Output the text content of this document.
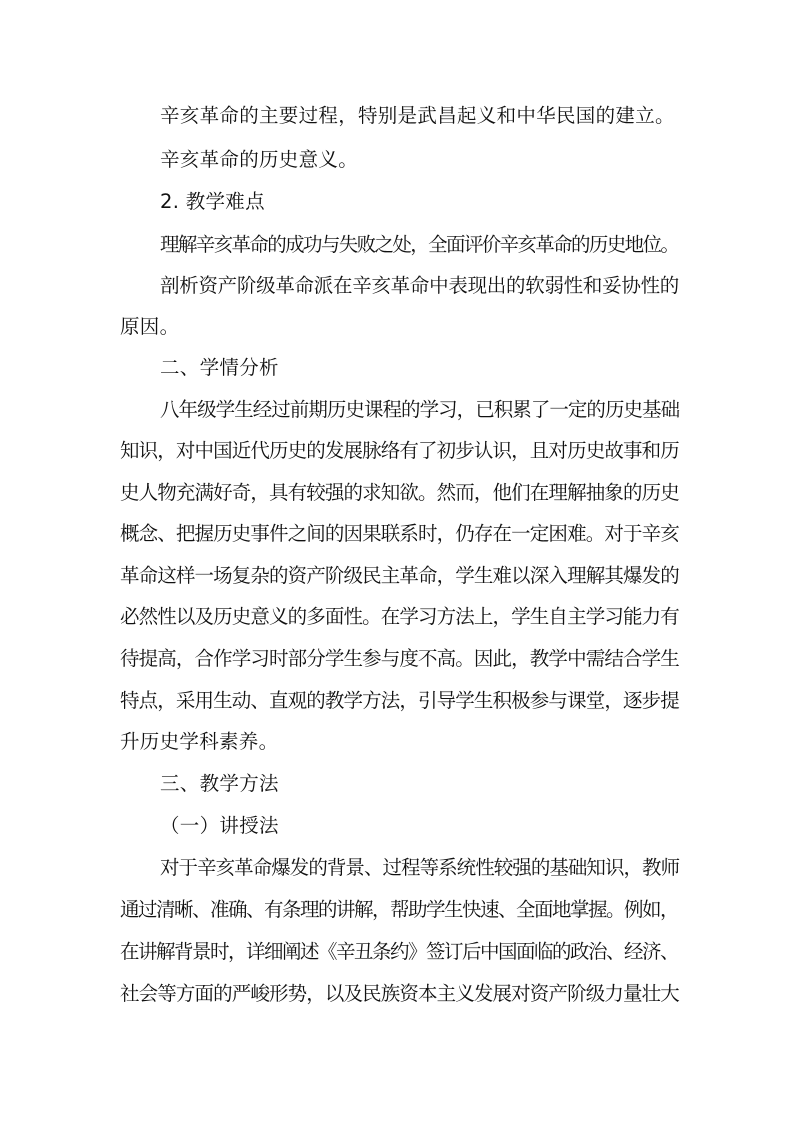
辛亥革命的主要过程，特别是武昌起义和中华民国的建立。

辛亥革命的历史意义。

2. 教学难点

理解辛亥革命的成功与失败之处，全面评价辛亥革命的历史地位。

剖析资产阶级革命派在辛亥革命中表现出的软弱性和妥协性的

原因。

二、学情分析

八年级学生经过前期历史课程的学习，已积累了一定的历史基础

知识，对中国近代历史的发展脉络有了初步认识，且对历史故事和历

史人物充满好奇，具有较强的求知欲。然而，他们在理解抽象的历史

概念、把握历史事件之间的因果联系时，仍存在一定困难。对于辛亥

革命这样一场复杂的资产阶级民主革命，学生难以深入理解其爆发的

必然性以及历史意义的多面性。在学习方法上，学生自主学习能力有

待提高，合作学习时部分学生参与度不高。因此，教学中需结合学生

特点，采用生动、直观的教学方法，引导学生积极参与课堂，逐步提

升历史学科素养。

三、教学方法

（一）讲授法

对于辛亥革命爆发的背景、过程等系统性较强的基础知识，教师

通过清晰、准确、有条理的讲解，帮助学生快速、全面地掌握。例如，

在讲解背景时，详细阐述《辛丑条约》签订后中国面临的政治、经济、

社会等方面的严峻形势，以及民族资本主义发展对资产阶级力量壮大
